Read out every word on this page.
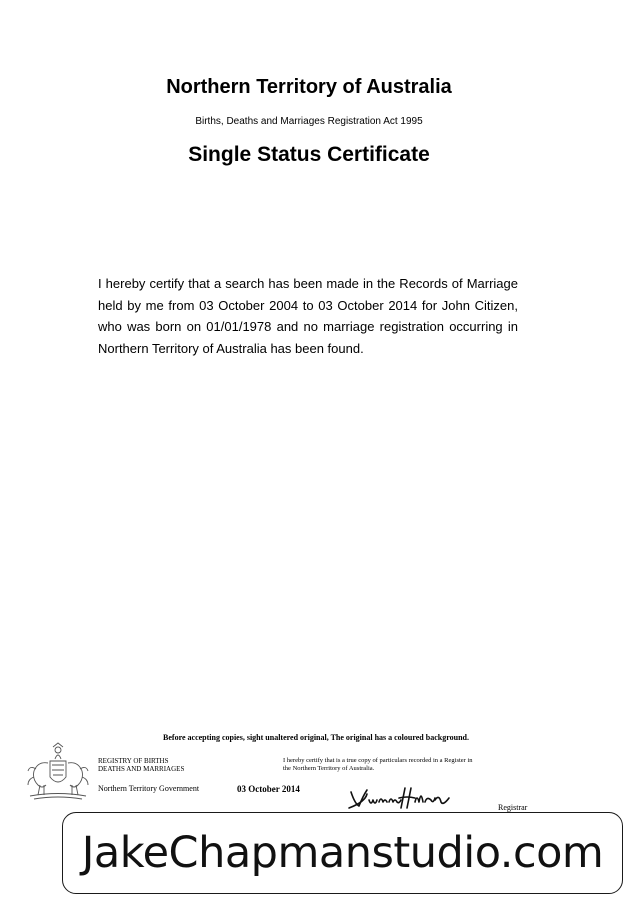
Northern Territory of Australia
Births, Deaths and Marriages Registration Act 1995
Single Status Certificate

I hereby certify that a search has been made in the Records of Marriage held by me from 03 October 2004 to 03 October 2014 for John Citizen, who was born on 01/01/1978 and no marriage registration occurring in Northern Territory of Australia has been found.

Before accepting copies, sight unaltered original, The original has a coloured background.
REGISTRY OF BIRTHS
DEATHS AND MARRIAGES
I hereby certify that is a true copy of particulars recorded in a Register in the Northern Territory of Australia.
Northern Territory Government	03 October 2014
Registrar
JakeChapmanstudio.com
